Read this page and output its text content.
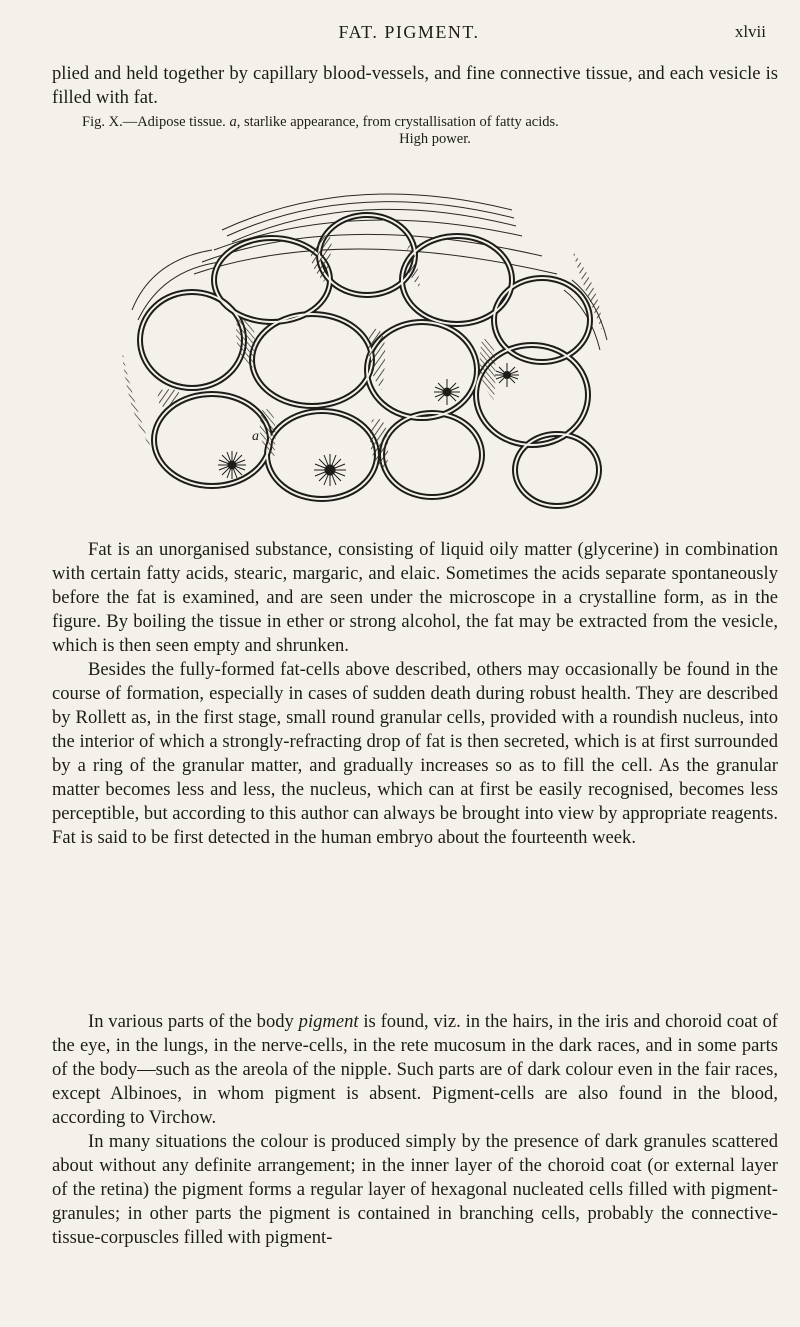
FAT. PIGMENT.	xlvii

plied and held together by capillary blood-vessels, and fine connective tissue, and each vesicle is filled with fat.

Fig. X.—Adipose tissue. a, starlike appearance, from crystallisation of fatty acids.
High power.
a

Fat is an unorganised substance, consisting of liquid oily matter (glycerine) in combination with certain fatty acids, stearic, margaric, and elaic. Sometimes the acids separate spontaneously before the fat is examined, and are seen under the microscope in a crystalline form, as in the figure. By boiling the tissue in ether or strong alcohol, the fat may be extracted from the vesicle, which is then seen empty and shrunken.

Besides the fully-formed fat-cells above described, others may occasionally be found in the course of formation, especially in cases of sudden death during robust health. They are described by Rollett as, in the first stage, small round granular cells, provided with a roundish nucleus, into the interior of which a strongly-refracting drop of fat is then secreted, which is at first surrounded by a ring of the granular matter, and gradually increases so as to fill the cell. As the granular matter becomes less and less, the nucleus, which can at first be easily recognised, becomes less perceptible, but according to this author can always be brought into view by appropriate reagents. Fat is said to be first detected in the human embryo about the fourteenth week.

In various parts of the body pigment is found, viz. in the hairs, in the iris and choroid coat of the eye, in the lungs, in the nerve-cells, in the rete mucosum in the dark races, and in some parts of the body—such as the areola of the nipple. Such parts are of dark colour even in the fair races, except Albinoes, in whom pigment is absent. Pigment-cells are also found in the blood, according to Virchow.

In many situations the colour is produced simply by the presence of dark granules scattered about without any definite arrangement; in the inner layer of the choroid coat (or external layer of the retina) the pigment forms a regular layer of hexagonal nucleated cells filled with pigment-granules; in other parts the pigment is contained in branching cells, probably the connective-tissue-corpuscles filled with pigment-
